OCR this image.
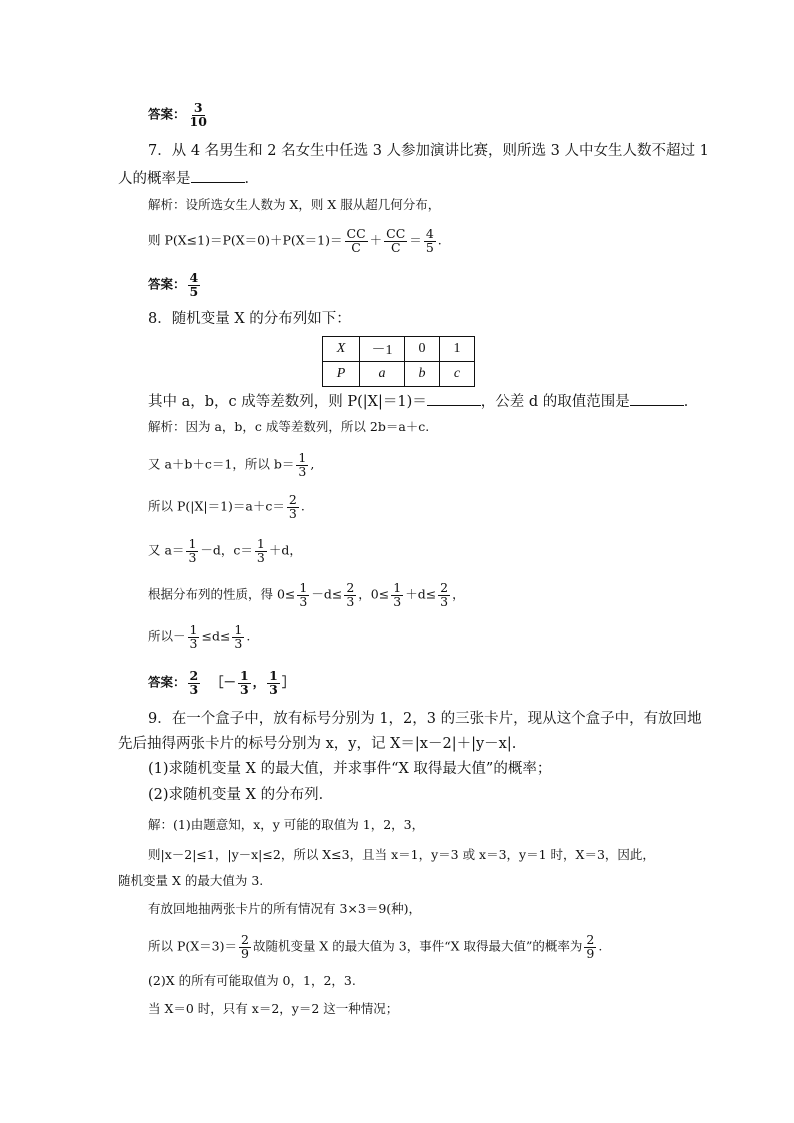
答案： $\frac{3}{10}$
7．从 4 名男生和 2 名女生中任选 3 人参加演讲比赛，则所选 3 人中女生人数不超过 1
人的概率是	．
解析：设所选女生人数为 X，则 X 服从超几何分布，
则 $P(X\le 1)=P(X=0)+P(X=1)= \frac{CC}{C} + \frac{CC}{C} = \frac{4}{5}$ .
答案： $\frac{4}{5}$
8．随机变量 X 的分布列如下：
X	－1	0	1
P	a	b	c
其中 a，b，c 成等差数列，则 P(|X|＝1)＝	，公差 d 的取值范围是	．
解析：因为 a，b，c 成等差数列，所以 2b＝a＋c.
又 a＋b＋c＝1，所以 $b= \frac{1}{3}$ ,
所以 $P(|X|=1)=a+c= \frac{2}{3}$ .
又 $a= \frac{1}{3} -d$，$c= \frac{1}{3} +d$，
根据分布列的性质，得 $0\le \frac{1}{3} -d\le \frac{2}{3}$ ，$0\le \frac{1}{3} +d\le \frac{2}{3}$ ，
所以－ $\frac{1}{3} \le d\le \frac{1}{3}$ .
答案： $\frac{2}{3}$ ［－ $\frac{1}{3}$ ， $\frac{1}{3}$ ］
9．在一个盒子中，放有标号分别为 1，2，3 的三张卡片，现从这个盒子中，有放回地
先后抽得两张卡片的标号分别为 x，y，记 X＝|x－2|＋|y－x|.
(1)求随机变量 X 的最大值，并求事件“X 取得最大值”的概率；
(2)求随机变量 X 的分布列．
解：(1)由题意知，x，y 可能的取值为 1，2，3，
则|x－2|≤1，|y－x|≤2，所以 X≤3，且当 x＝1，y＝3 或 x＝3，y＝1 时，X＝3，因此，
随机变量 X 的最大值为 3.
有放回地抽两张卡片的所有情况有 3×3＝9(种)，
所以 $P(X=3)= \frac{2}{9}$ 故随机变量 X 的最大值为 3，事件“X 取得最大值”的概率为 $\frac{2}{9}$ .
(2)X 的所有可能取值为 0，1，2，3.
当 X＝0 时，只有 x＝2，y＝2 这一种情况；
